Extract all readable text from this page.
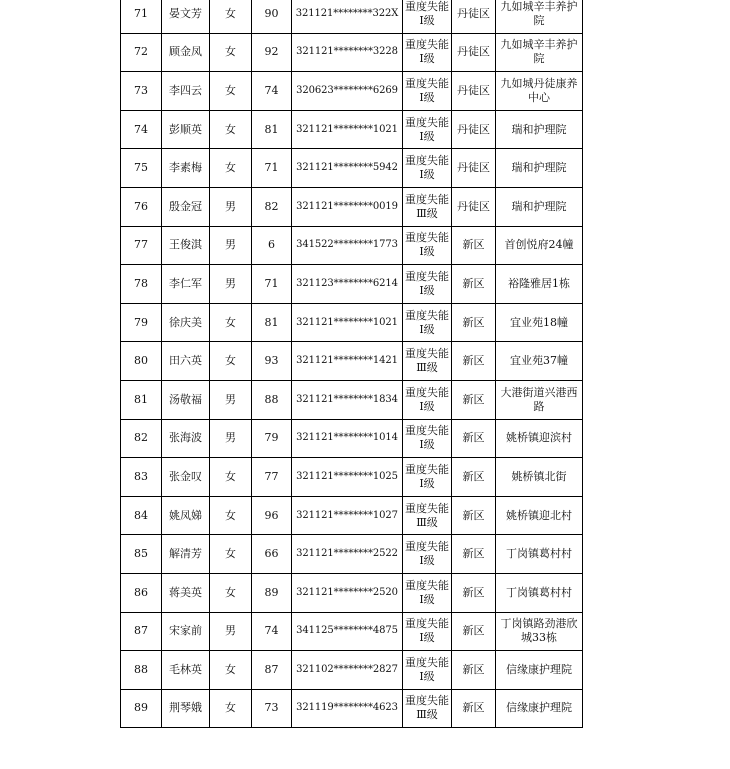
71	晏文芳	女	90	321121********322X	重度失能Ⅰ级	丹徒区	九如城辛丰养护院
72	顾金凤	女	92	321121********3228	重度失能Ⅰ级	丹徒区	九如城辛丰养护院
73	李四云	女	74	320623********6269	重度失能Ⅰ级	丹徒区	九如城丹徒康养中心
74	彭顺英	女	81	321121********1021	重度失能Ⅰ级	丹徒区	瑞和护理院
75	李素梅	女	71	321121********5942	重度失能Ⅰ级	丹徒区	瑞和护理院
76	殷金冠	男	82	321121********0019	重度失能Ⅲ级	丹徒区	瑞和护理院
77	王俊淇	男	6	341522********1773	重度失能Ⅰ级	新区	首创悦府24幢
78	李仁军	男	71	321123********6214	重度失能Ⅰ级	新区	裕隆雅居1栋
79	徐庆美	女	81	321121********1021	重度失能Ⅰ级	新区	宜业苑18幢
80	田六英	女	93	321121********1421	重度失能Ⅲ级	新区	宜业苑37幢
81	汤敬福	男	88	321121********1834	重度失能Ⅰ级	新区	大港街道兴港西路
82	张海波	男	79	321121********1014	重度失能Ⅰ级	新区	姚桥镇迎滨村
83	张金叹	女	77	321121********1025	重度失能Ⅰ级	新区	姚桥镇北街
84	姚凤娣	女	96	321121********1027	重度失能Ⅲ级	新区	姚桥镇迎北村
85	解清芳	女	66	321121********2522	重度失能Ⅰ级	新区	丁岗镇葛村村
86	蒋美英	女	89	321121********2520	重度失能Ⅰ级	新区	丁岗镇葛村村
87	宋家前	男	74	341125********4875	重度失能Ⅰ级	新区	丁岗镇路劲港欣城33栋
88	毛林英	女	87	321102********2827	重度失能Ⅰ级	新区	信缘康护理院
89	荆琴娥	女	73	321119********4623	重度失能Ⅲ级	新区	信缘康护理院
